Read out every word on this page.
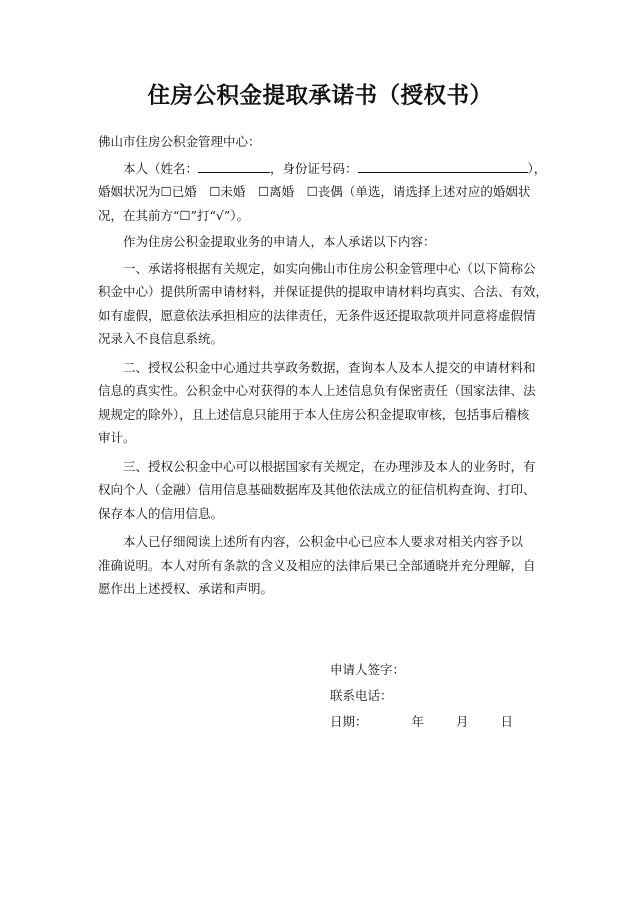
住房公积金提取承诺书（授权书）
佛山市住房公积金管理中心：
本人（姓名：	，身份证号码：	），
婚姻状况为☐已婚　☐未婚　☐离婚　☐丧偶（单选，请选择上述对应的婚姻状
况，在其前方“☐”打“√”）。
作为住房公积金提取业务的申请人，本人承诺以下内容：
一、承诺将根据有关规定，如实向佛山市住房公积金管理中心（以下简称公
积金中心）提供所需申请材料，并保证提供的提取申请材料均真实、合法、有效，
如有虚假，愿意依法承担相应的法律责任，无条件返还提取款项并同意将虚假情
况录入不良信息系统。
二、授权公积金中心通过共享政务数据，查询本人及本人提交的申请材料和
信息的真实性。公积金中心对获得的本人上述信息负有保密责任（国家法律、法
规规定的除外），且上述信息只能用于本人住房公积金提取审核，包括事后稽核
审计。
三、授权公积金中心可以根据国家有关规定，在办理涉及本人的业务时，有
权向个人（金融）信用信息基础数据库及其他依法成立的征信机构查询、打印、
保存本人的信用信息。
本人已仔细阅读上述所有内容，公积金中心已应本人要求对相关内容予以
准确说明。本人对所有条款的含义及相应的法律后果已全部通晓并充分理解，自
愿作出上述授权、承诺和声明。
申请人签字：
联系电话：
日期：	年	月	日
